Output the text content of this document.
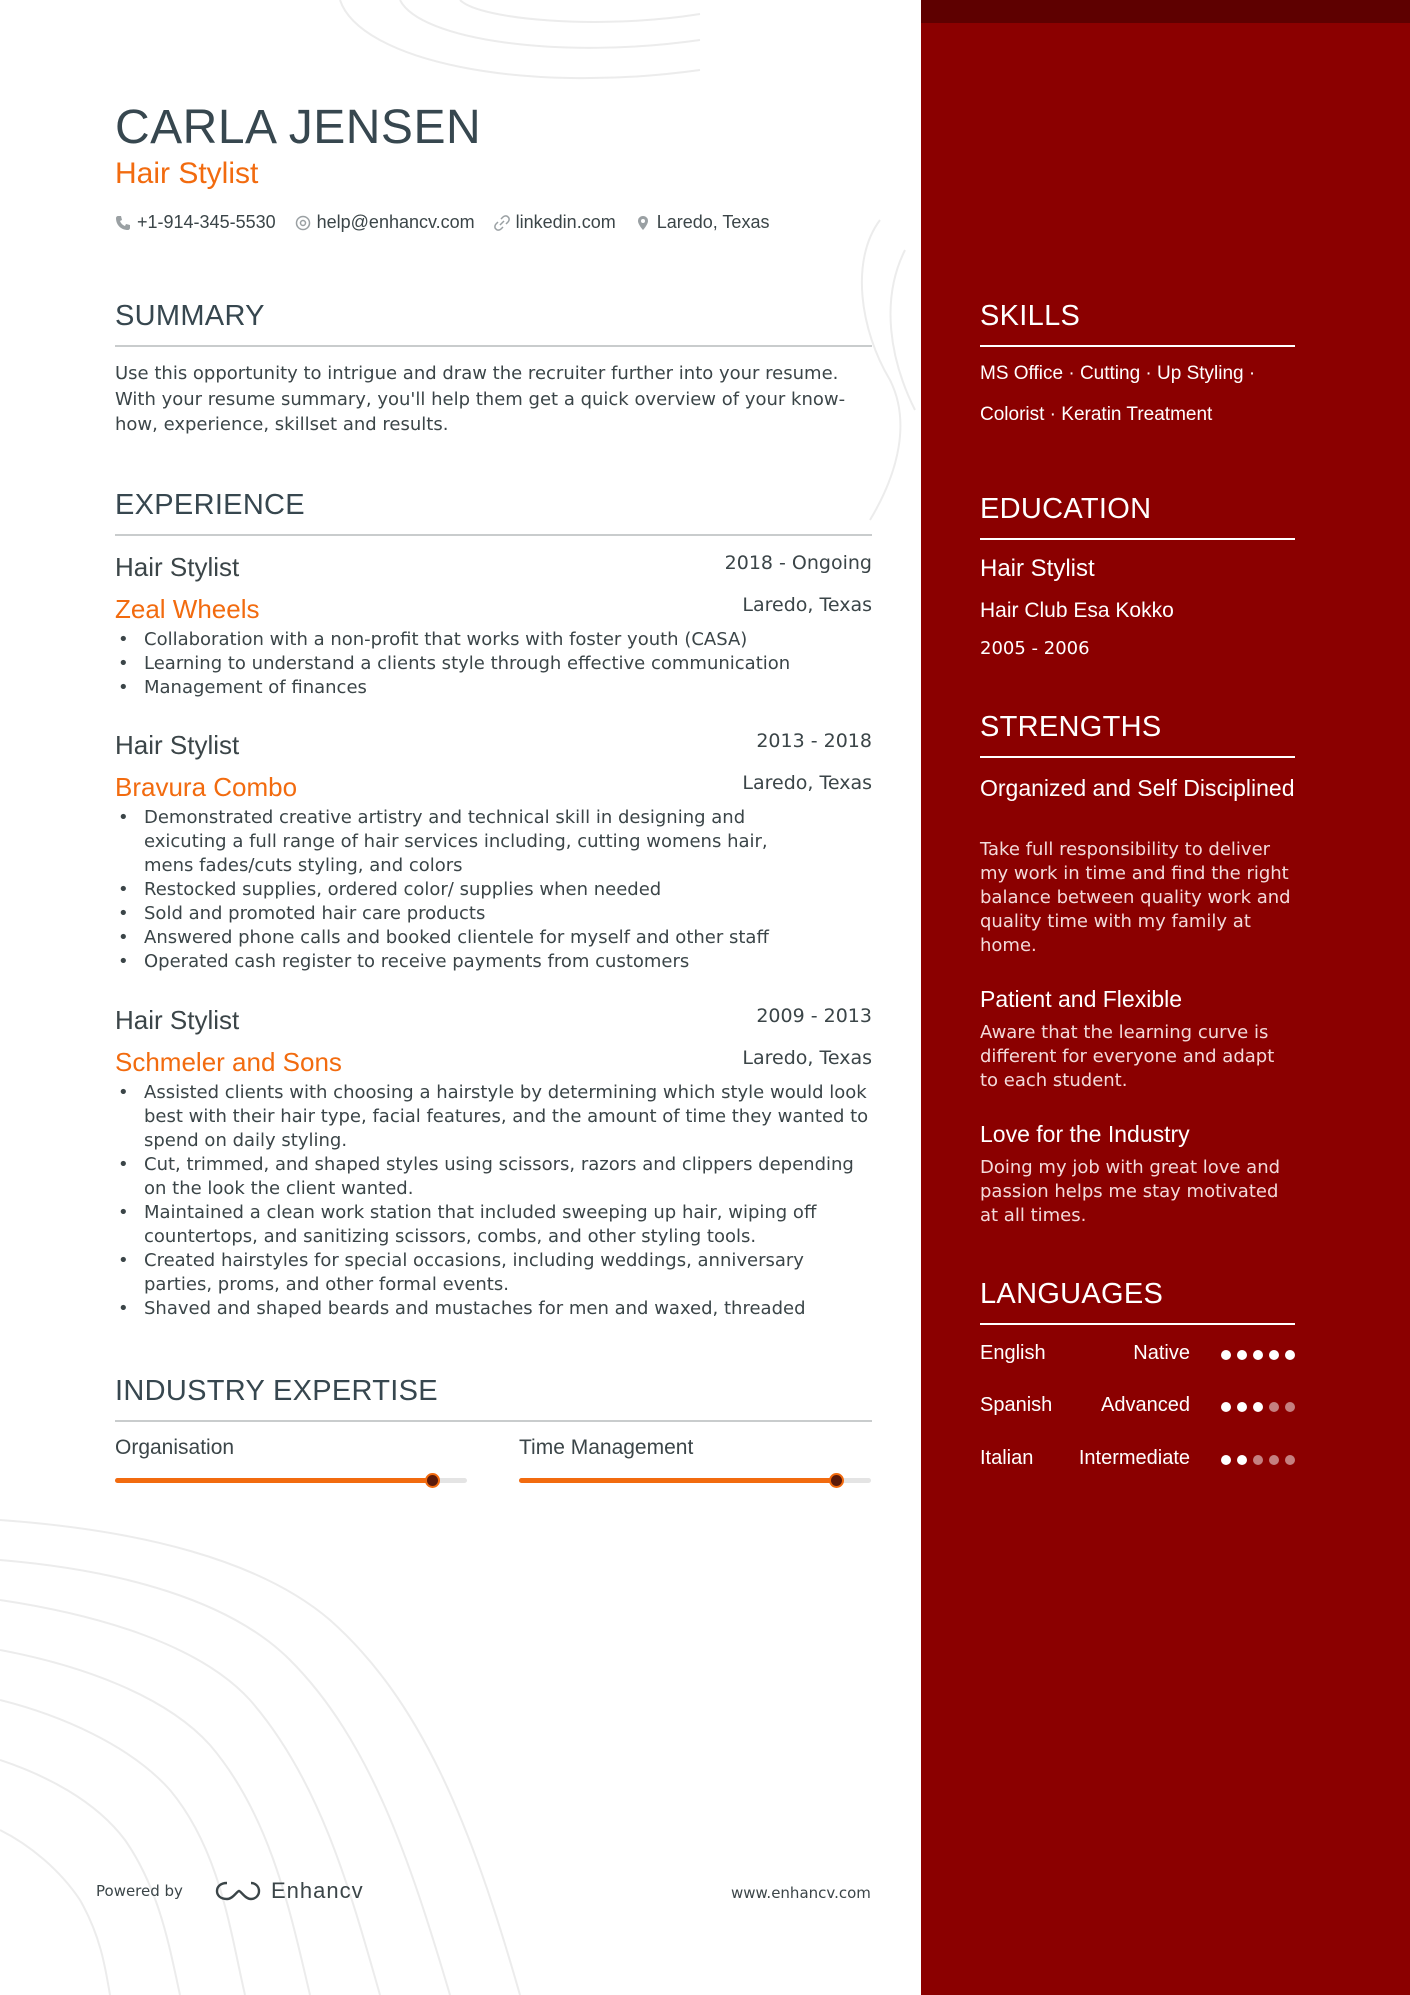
CARLA JENSEN
Hair Stylist
+1-914-345-5530 help@enhancv.com linkedin.com Laredo, Texas
SUMMARY
Use this opportunity to intrigue and draw the recruiter further into your resume. With your resume summary, you'll help them get a quick overview of your know-how, experience, skillset and results.
EXPERIENCE
Hair Stylist	2018 - Ongoing
Zeal Wheels	Laredo, Texas
• Collaboration with a non-profit that works with foster youth (CASA)
• Learning to understand a clients style through effective communication
• Management of finances
Hair Stylist	2013 - 2018
Bravura Combo	Laredo, Texas
• Demonstrated creative artistry and technical skill in designing and exicuting a full range of hair services including, cutting womens hair, mens fades/cuts styling, and colors
• Restocked supplies, ordered color/ supplies when needed
• Sold and promoted hair care products
• Answered phone calls and booked clientele for myself and other staff
• Operated cash register to receive payments from customers
Hair Stylist	2009 - 2013
Schmeler and Sons	Laredo, Texas
• Assisted clients with choosing a hairstyle by determining which style would look best with their hair type, facial features, and the amount of time they wanted to spend on daily styling.
• Cut, trimmed, and shaped styles using scissors, razors and clippers depending on the look the client wanted.
• Maintained a clean work station that included sweeping up hair, wiping off countertops, and sanitizing scissors, combs, and other styling tools.
• Created hairstyles for special occasions, including weddings, anniversary parties, proms, and other formal events.
• Shaved and shaped beards and mustaches for men and waxed, threaded
INDUSTRY EXPERTISE
Organisation	Time Management
Powered by	Enhancv	www.enhancv.com
SKILLS
MS Office · Cutting · Up Styling ·
Colorist · Keratin Treatment
EDUCATION
Hair Stylist
Hair Club Esa Kokko
2005 - 2006
STRENGTHS
Organized and Self Disciplined
Take full responsibility to deliver my work in time and find the right balance between quality work and quality time with my family at home.
Patient and Flexible
Aware that the learning curve is different for everyone and adapt to each student.
Love for the Industry
Doing my job with great love and passion helps me stay motivated at all times.
LANGUAGES
English	Native
Spanish Advanced
Italian Intermediate
